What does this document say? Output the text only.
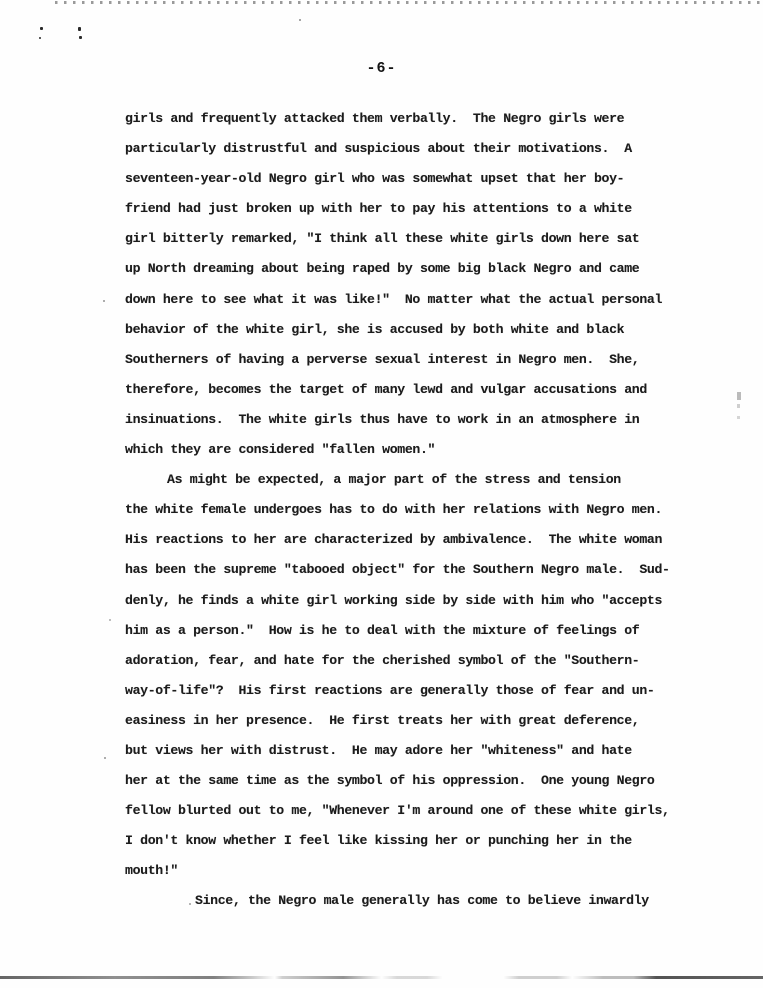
-6-
girls and frequently attacked them verbally.  The Negro girls were
particularly distrustful and suspicious about their motivations.  A
seventeen-year-old Negro girl who was somewhat upset that her boy-
friend had just broken up with her to pay his attentions to a white
girl bitterly remarked, "I think all these white girls down here sat
up North dreaming about being raped by some big black Negro and came
down here to see what it was like!"  No matter what the actual personal
behavior of the white girl, she is accused by both white and black
Southerners of having a perverse sexual interest in Negro men.  She,
therefore, becomes the target of many lewd and vulgar accusations and
insinuations.  The white girls thus have to work in an atmosphere in
which they are considered "fallen women."
As might be expected, a major part of the stress and tension
the white female undergoes has to do with her relations with Negro men.
His reactions to her are characterized by ambivalence.  The white woman
has been the supreme "tabooed object" for the Southern Negro male.  Sud-
denly, he finds a white girl working side by side with him who "accepts
him as a person."  How is he to deal with the mixture of feelings of
adoration, fear, and hate for the cherished symbol of the "Southern-
way-of-life"?  His first reactions are generally those of fear and un-
easiness in her presence.  He first treats her with great deference,
but views her with distrust.  He may adore her "whiteness" and hate
her at the same time as the symbol of his oppression.  One young Negro
fellow blurted out to me, "Whenever I'm around one of these white girls,
I don't know whether I feel like kissing her or punching her in the
mouth!"
Since, the Negro male generally has come to believe inwardly
